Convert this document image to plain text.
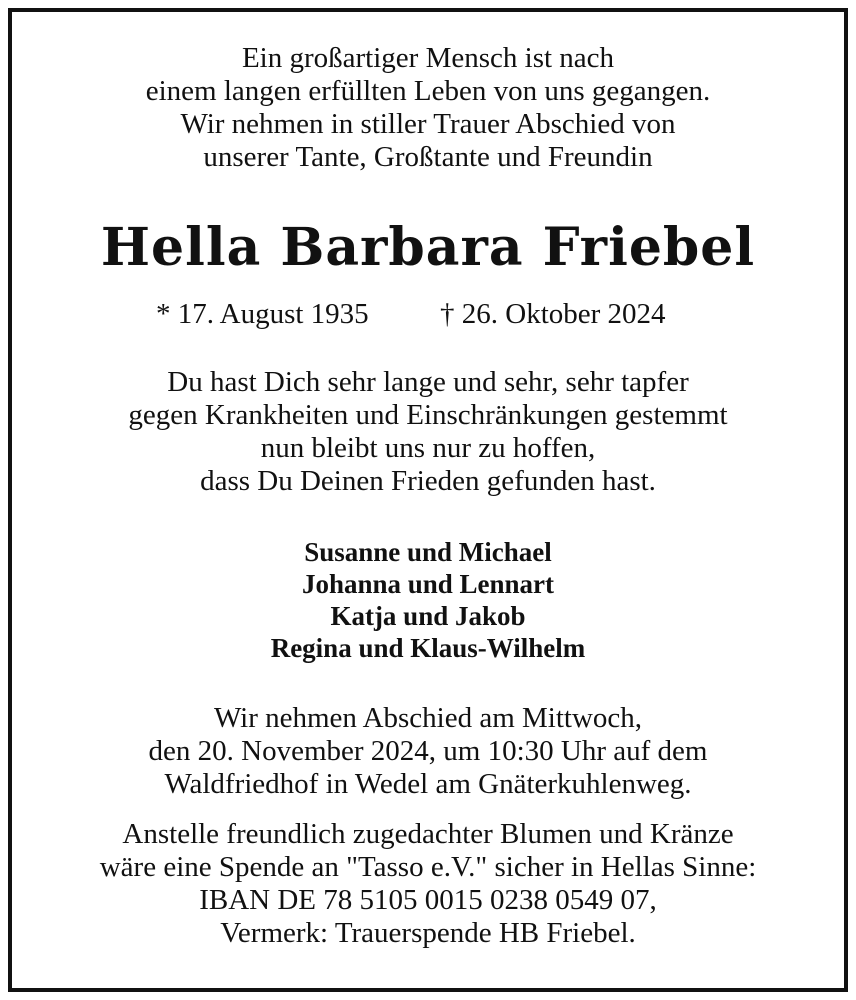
Ein großartiger Mensch ist nach
einem langen erfüllten Leben von uns gegangen.
Wir nehmen in stiller Trauer Abschied von
unserer Tante, Großtante und Freundin
Hella Barbara Friebel
* 17. August 1935 † 26. Oktober 2024
Du hast Dich sehr lange und sehr, sehr tapfer
gegen Krankheiten und Einschränkungen gestemmt
nun bleibt uns nur zu hoffen,
dass Du Deinen Frieden gefunden hast.
Susanne und Michael
Johanna und Lennart
Katja und Jakob
Regina und Klaus-Wilhelm
Wir nehmen Abschied am Mittwoch,
den 20. November 2024, um 10:30 Uhr auf dem
Waldfriedhof in Wedel am Gnäterkuhlenweg.
Anstelle freundlich zugedachter Blumen und Kränze
wäre eine Spende an "Tasso e.V." sicher in Hellas Sinne:
IBAN DE 78 5105 0015 0238 0549 07,
Vermerk: Trauerspende HB Friebel.
